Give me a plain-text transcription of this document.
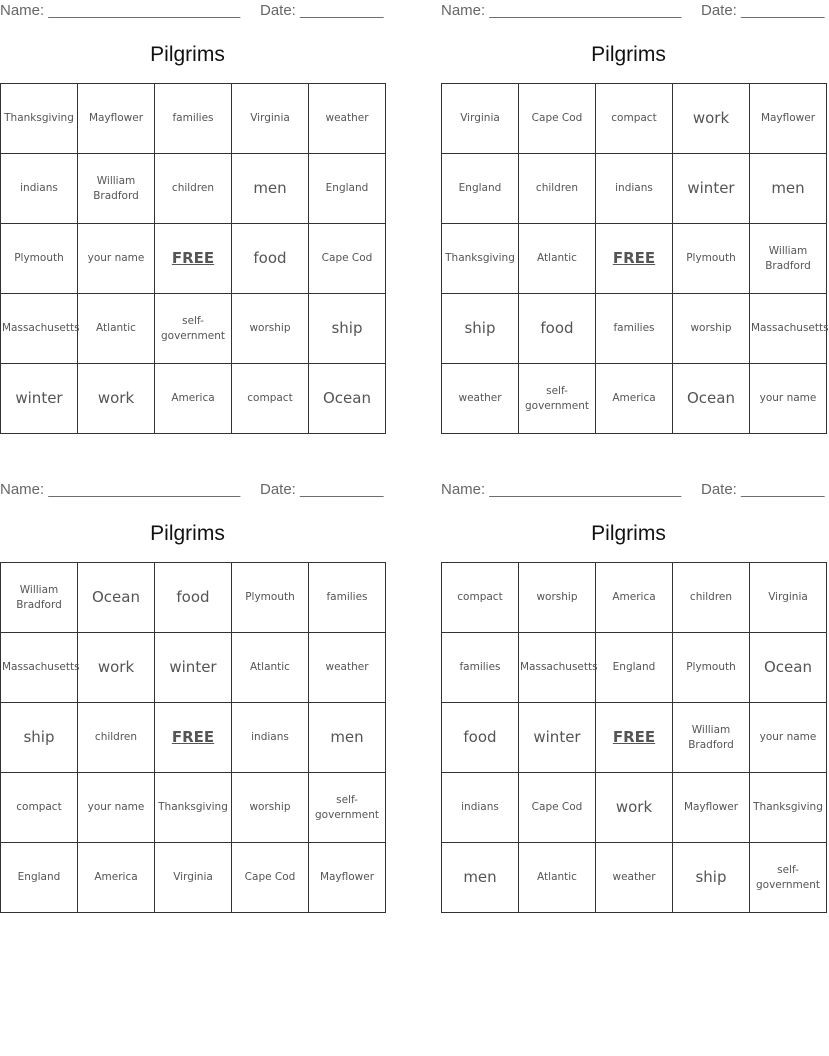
Name: _______________________ Date: __________
Pilgrims
Thanksgiving	Mayflower	families	Virginia	weather
indians	William Bradford	children	men	England
Plymouth	your name	FREE	food	Cape Cod
Massachusetts	Atlantic	self-government	worship	ship
winter	work	America	compact	Ocean
Name: _______________________ Date: __________
Pilgrims
Virginia	Cape Cod	compact	work	Mayflower
England	children	indians	winter	men
Thanksgiving	Atlantic	FREE	Plymouth	William Bradford
ship	food	families	worship	Massachusetts
weather	self-government	America	Ocean	your name
Name: _______________________ Date: __________
Pilgrims
William Bradford	Ocean	food	Plymouth	families
Massachusetts	work	winter	Atlantic	weather
ship	children	FREE	indians	men
compact	your name	Thanksgiving	worship	self-government
England	America	Virginia	Cape Cod	Mayflower
Name: _______________________ Date: __________
Pilgrims
compact	worship	America	children	Virginia
families	Massachusetts	England	Plymouth	Ocean
food	winter	FREE	William Bradford	your name
indians	Cape Cod	work	Mayflower	Thanksgiving
men	Atlantic	weather	ship	self-government
